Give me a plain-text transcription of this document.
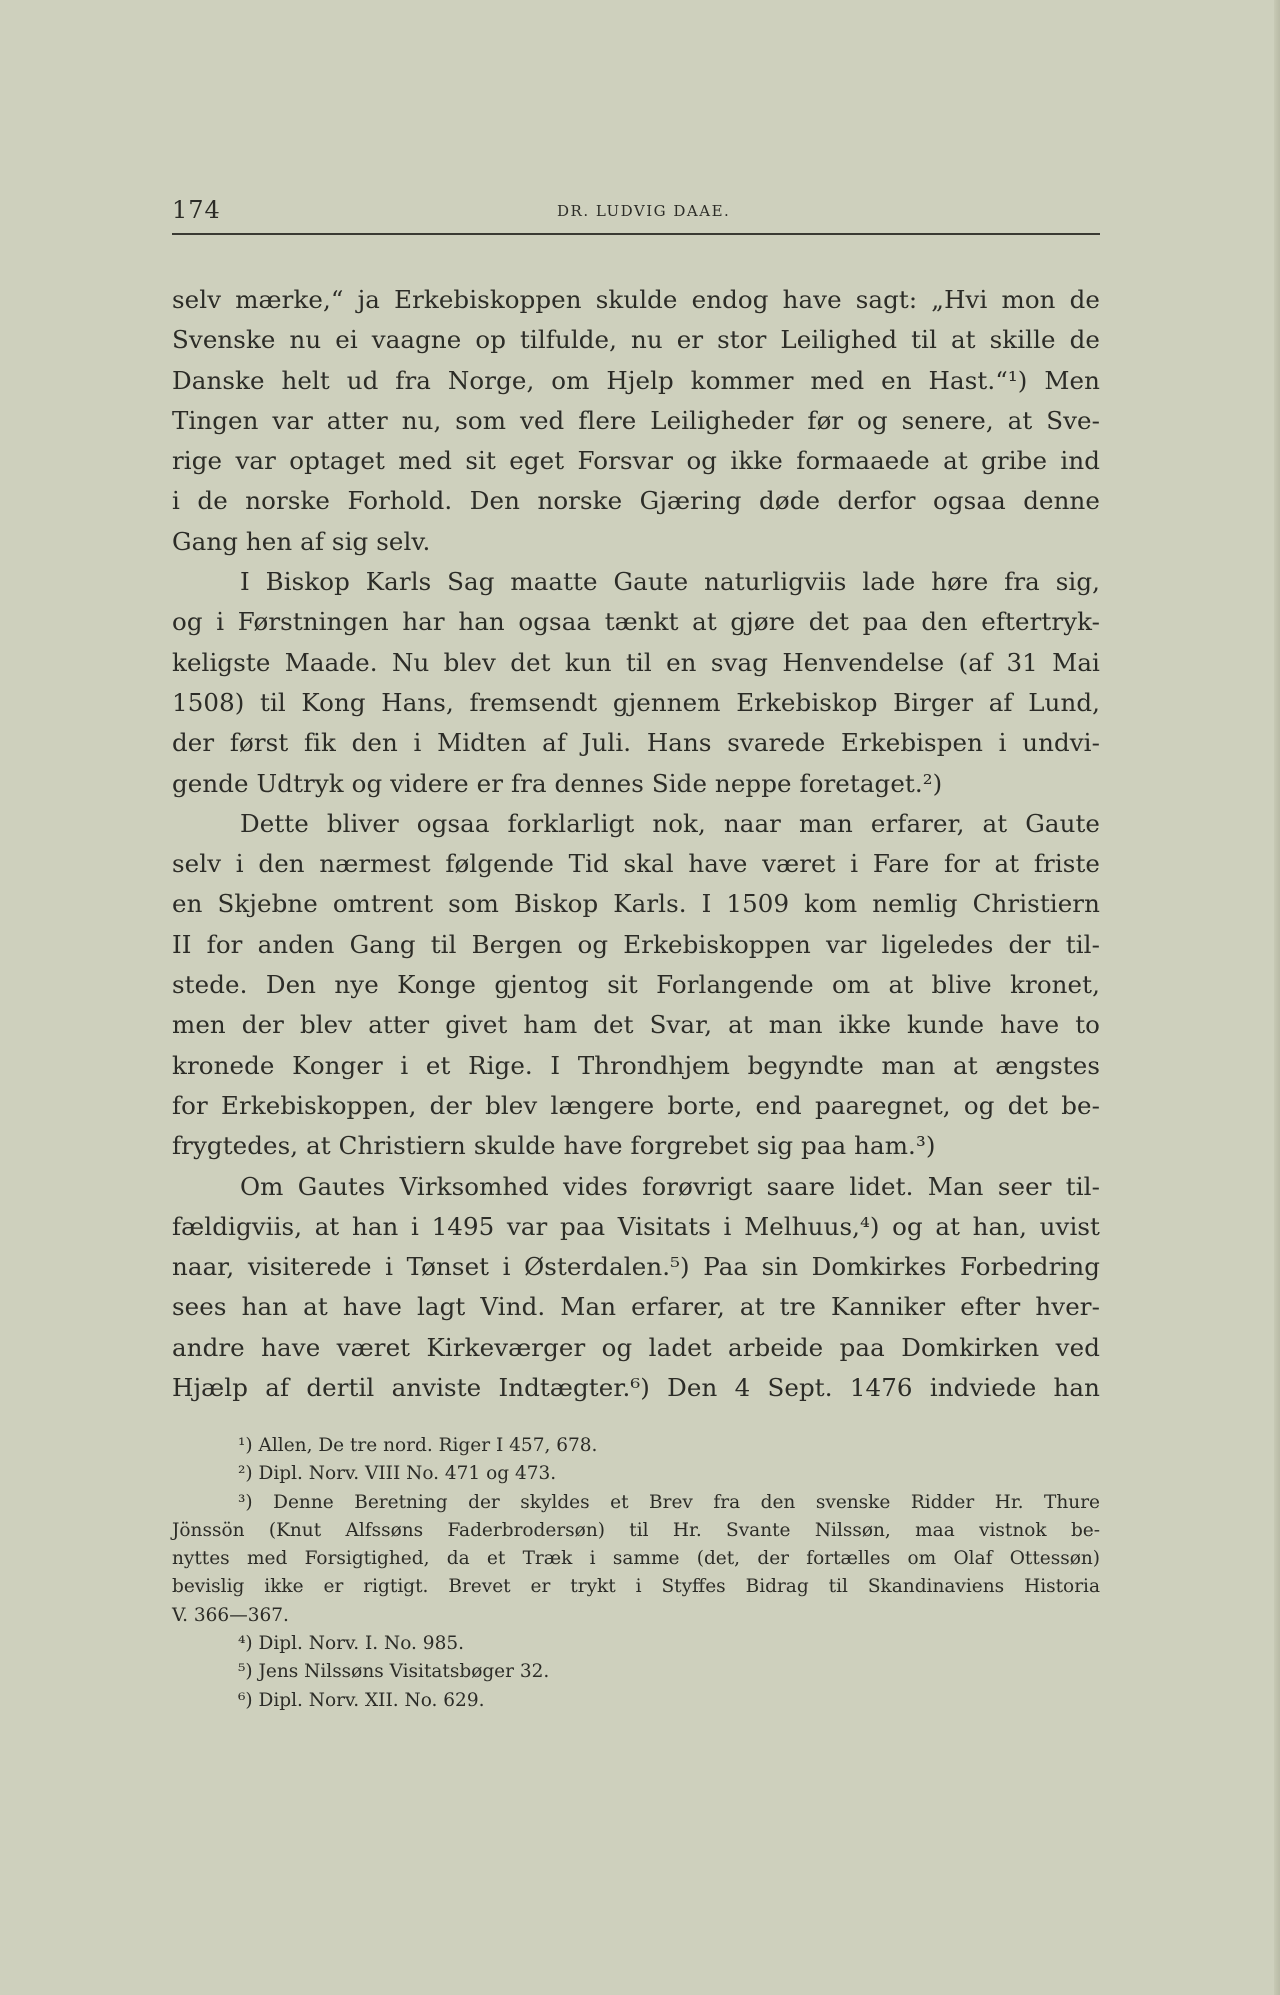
174	DR. LUDVIG DAAE.
selv mærke,“ ja Erkebiskoppen skulde endog have sagt: „Hvi mon de
Svenske nu ei vaagne op tilfulde, nu er stor Leilighed til at skille de
Danske helt ud fra Norge, om Hjelp kommer med en Hast.“¹) Men
Tingen var atter nu, som ved flere Leiligheder før og senere, at Sve-
rige var optaget med sit eget Forsvar og ikke formaaede at gribe ind
i de norske Forhold. Den norske Gjæring døde derfor ogsaa denne
Gang hen af sig selv.
I Biskop Karls Sag maatte Gaute naturligviis lade høre fra sig,
og i Førstningen har han ogsaa tænkt at gjøre det paa den eftertryk-
keligste Maade. Nu blev det kun til en svag Henvendelse (af 31 Mai
1508) til Kong Hans, fremsendt gjennem Erkebiskop Birger af Lund,
der først fik den i Midten af Juli. Hans svarede Erkebispen i undvi-
gende Udtryk og videre er fra dennes Side neppe foretaget.²)
Dette bliver ogsaa forklarligt nok, naar man erfarer, at Gaute
selv i den nærmest følgende Tid skal have været i Fare for at friste
en Skjebne omtrent som Biskop Karls. I 1509 kom nemlig Christiern
II for anden Gang til Bergen og Erkebiskoppen var ligeledes der til-
stede. Den nye Konge gjentog sit Forlangende om at blive kronet,
men der blev atter givet ham det Svar, at man ikke kunde have to
kronede Konger i et Rige. I Throndhjem begyndte man at ængstes
for Erkebiskoppen, der blev længere borte, end paaregnet, og det be-
frygtedes, at Christiern skulde have forgrebet sig paa ham.³)
Om Gautes Virksomhed vides forøvrigt saare lidet. Man seer til-
fældigviis, at han i 1495 var paa Visitats i Melhuus,⁴) og at han, uvist
naar, visiterede i Tønset i Østerdalen.⁵) Paa sin Domkirkes Forbedring
sees han at have lagt Vind. Man erfarer, at tre Kanniker efter hver-
andre have været Kirkeværger og ladet arbeide paa Domkirken ved
Hjælp af dertil anviste Indtægter.⁶) Den 4 Sept. 1476 indviede han
¹) Allen, De tre nord. Riger I 457, 678.
²) Dipl. Norv. VIII No. 471 og 473.
³) Denne Beretning der skyldes et Brev fra den svenske Ridder Hr. Thure
Jönssön (Knut Alfssøns Faderbrodersøn) til Hr. Svante Nilssøn, maa vistnok be-
nyttes med Forsigtighed, da et Træk i samme (det, der fortælles om Olaf Ottessøn)
bevislig ikke er rigtigt. Brevet er trykt i Styffes Bidrag til Skandinaviens Historia
V. 366—367.
⁴) Dipl. Norv. I. No. 985.
⁵) Jens Nilssøns Visitatsbøger 32.
⁶) Dipl. Norv. XII. No. 629.
